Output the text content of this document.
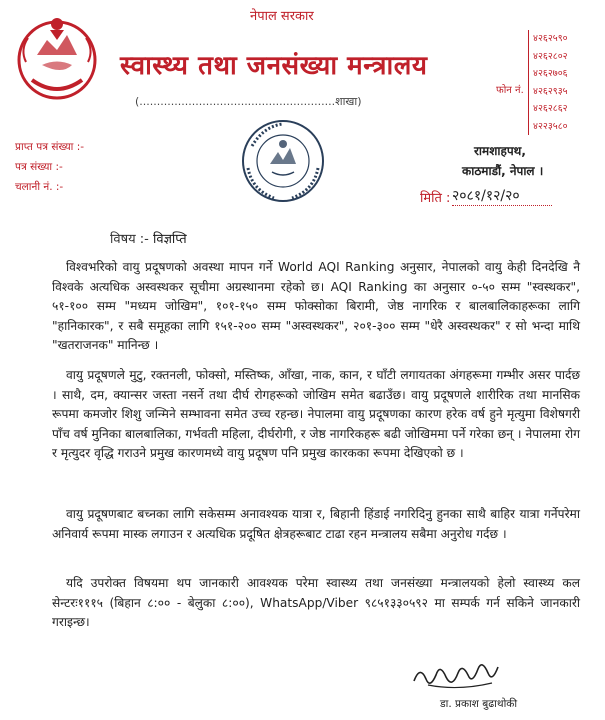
नेपाल सरकार
स्वास्थ्य तथा जनसंख्या मन्त्रालय
(........................................................शाखा)
फोन नं.
४२६२५९०
४२६२८०२
४२६२७०६
४२६२९३५
४२६२८६२
४२२३५८०
प्राप्त पत्र संख्या :-
पत्र संख्या :-
चलानी नं. :-
रामशाहपथ,
काठमाडौं, नेपाल ।
मिति : २०८१/१२/२०
विषय :- विज्ञप्ति
विश्वभरिको वायु प्रदूषणको अवस्था मापन गर्ने World AQI Ranking अनुसार, नेपालको वायु केही दिनदेखि नै विश्वके अत्यधिक अस्वस्थकर सूचीमा अग्रस्थानमा रहेको छ। AQI Ranking का अनुसार ०-५० सम्म "स्वस्थकर", ५१-१०० सम्म "मध्यम जोखिम", १०१-१५० सम्म फोक्सोका बिरामी, जेष्ठ नागरिक र बालबालिकाहरूका लागि "हानिकारक", र सबै समूहका लागि १५१-२०० सम्म "अस्वस्थकर", २०१-३०० सम्म "धेरै अस्वस्थकर" र सो भन्दा माथि "खतराजनक" मानिन्छ ।
वायु प्रदूषणले मुटु, रक्तनली, फोक्सो, मस्तिष्क, आँखा, नाक, कान, र घाँटी लगायतका अंगहरूमा गम्भीर असर पार्दछ । साथै, दम, क्यान्सर जस्ता नसर्ने तथा दीर्घ रोगहरूको जोखिम समेत बढाउँछ। वायु प्रदूषणले शारीरिक तथा मानसिक रूपमा कमजोर शिशु जन्मिने सम्भावना समेत उच्च रहन्छ। नेपालमा वायु प्रदूषणका कारण हरेक वर्ष हुने मृत्युमा विशेषगरी पाँच वर्ष मुनिका बालबालिका, गर्भवती महिला, दीर्घरोगी, र जेष्ठ नागरिकहरू बढी जोखिममा पर्ने गरेका छन् । नेपालमा रोग र मृत्युदर वृद्धि गराउने प्रमुख कारणमध्ये वायु प्रदूषण पनि प्रमुख कारकका रूपमा देखिएको छ ।
वायु प्रदूषणबाट बच्नका लागि सकेसम्म अनावश्यक यात्रा र, बिहानी हिंडाई नगरिदिनु हुनका साथै बाहिर यात्रा गर्नेपरेमा अनिवार्य रूपमा मास्क लगाउन र अत्यधिक प्रदूषित क्षेत्रहरूबाट टाढा रहन मन्त्रालय सबैमा अनुरोध गर्दछ ।
यदि उपरोक्त विषयमा थप जानकारी आवश्यक परेमा स्वास्थ्य तथा जनसंख्या मन्त्रालयको हेलो स्वास्थ्य कल सेन्टरः१११५ (बिहान ८:०० - बेलुका ८:००), WhatsApp/Viber ९८५१३३०५९२ मा सम्पर्क गर्न सकिने जानकारी गराइन्छ।
डा. प्रकाश बुढाथोकी
